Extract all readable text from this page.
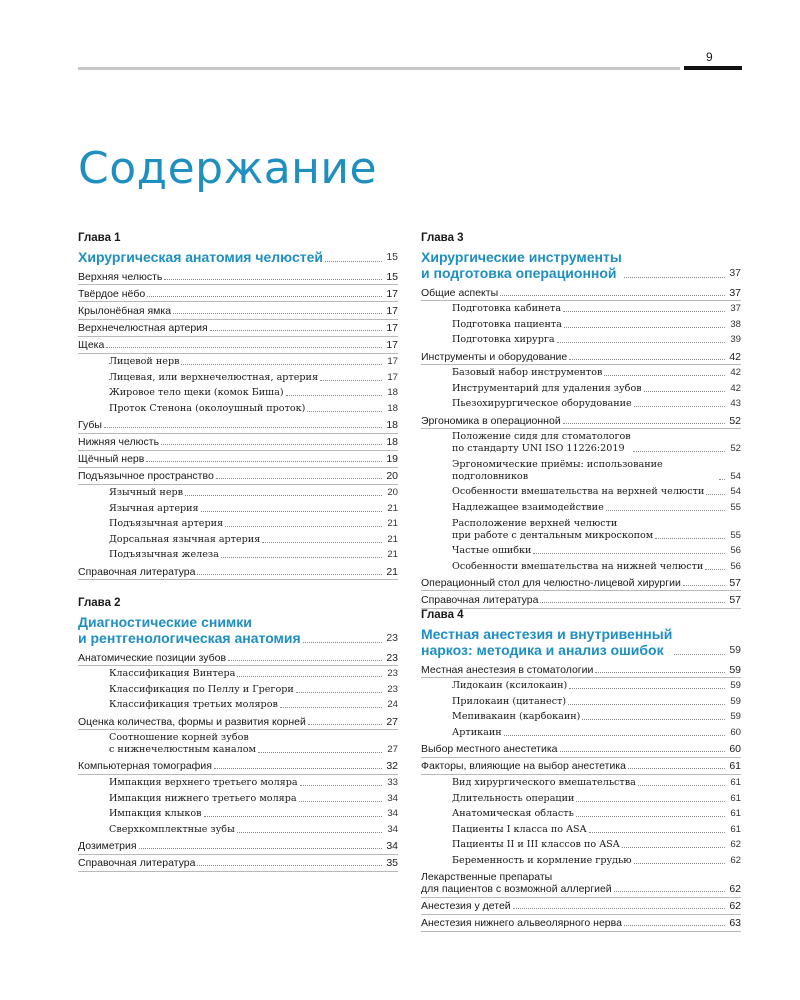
9
Содержание
Глава 1
Хирургическая анатомия челюстей	15
Верхняя челюсть	15
Твёрдое нёбо	17
Крылонёбная ямка	17
Верхнечелюстная артерия	17
Щека	17
Лицевой нерв	17
Лицевая, или верхнечелюстная, артерия	17
Жировое тело щеки (комок Биша)	18
Проток Стенона (околоушный проток)	18
Губы	18
Нижняя челюсть	18
Щёчный нерв	19
Подъязычное пространство	20
Язычный нерв	20
Язычная артерия	21
Подъязычная артерия	21
Дорсальная язычная артерия	21
Подъязычная железа	21
Справочная литература	21
Глава 2
Диагностические снимки
и рентгенологическая анатомия	23
Анатомические позиции зубов	23
Классификация Винтера	23
Классификация по Пеллу и Грегори	23
Классификация третьих моляров	24
Оценка количества, формы и развития корней	27
Соотношение корней зубов
с нижнечелюстным каналом	27
Компьютерная томография	32
Импакция верхнего третьего моляра	33
Импакция нижнего третьего моляра	34
Импакция клыков	34
Сверхкомплектные зубы	34
Дозиметрия	34
Справочная литература	35
Глава 3
Хирургические инструменты
и подготовка операционной	37
Общие аспекты	37
Подготовка кабинета	37
Подготовка пациента	38
Подготовка хирурга	39
Инструменты и оборудование	42
Базовый набор инструментов	42
Инструментарий для удаления зубов	42
Пьезохирургическое оборудование	43
Эргономика в операционной	52
Положение сидя для стоматологов
по стандарту UNI ISO 11226:2019	52
Эргономические приёмы: использование подголовников	54
Особенности вмешательства на верхней челюсти	54
Надлежащее взаимодействие	55
Расположение верхней челюсти
при работе с дентальным микроскопом	55
Частые ошибки	56
Особенности вмешательства на нижней челюсти	56
Операционный стол для челюстно-лицевой хирургии	57
Справочная литература	57
Глава 4
Местная анестезия и внутривенный
наркоз: методика и анализ ошибок	59
Местная анестезия в стоматологии	59
Лидокаин (ксилокаин)	59
Прилокаин (цитанест)	59
Мепивакаин (карбокаин)	59
Артикаин	60
Выбор местного анестетика	60
Факторы, влияющие на выбор анестетика	61
Вид хирургического вмешательства	61
Длительность операции	61
Анатомическая область	61
Пациенты I класса по ASA	61
Пациенты II и III классов по ASA	62
Беременность и кормление грудью	62
Лекарственные препараты
для пациентов с возможной аллергией	62
Анестезия у детей	62
Анестезия нижнего альвеолярного нерва	63
